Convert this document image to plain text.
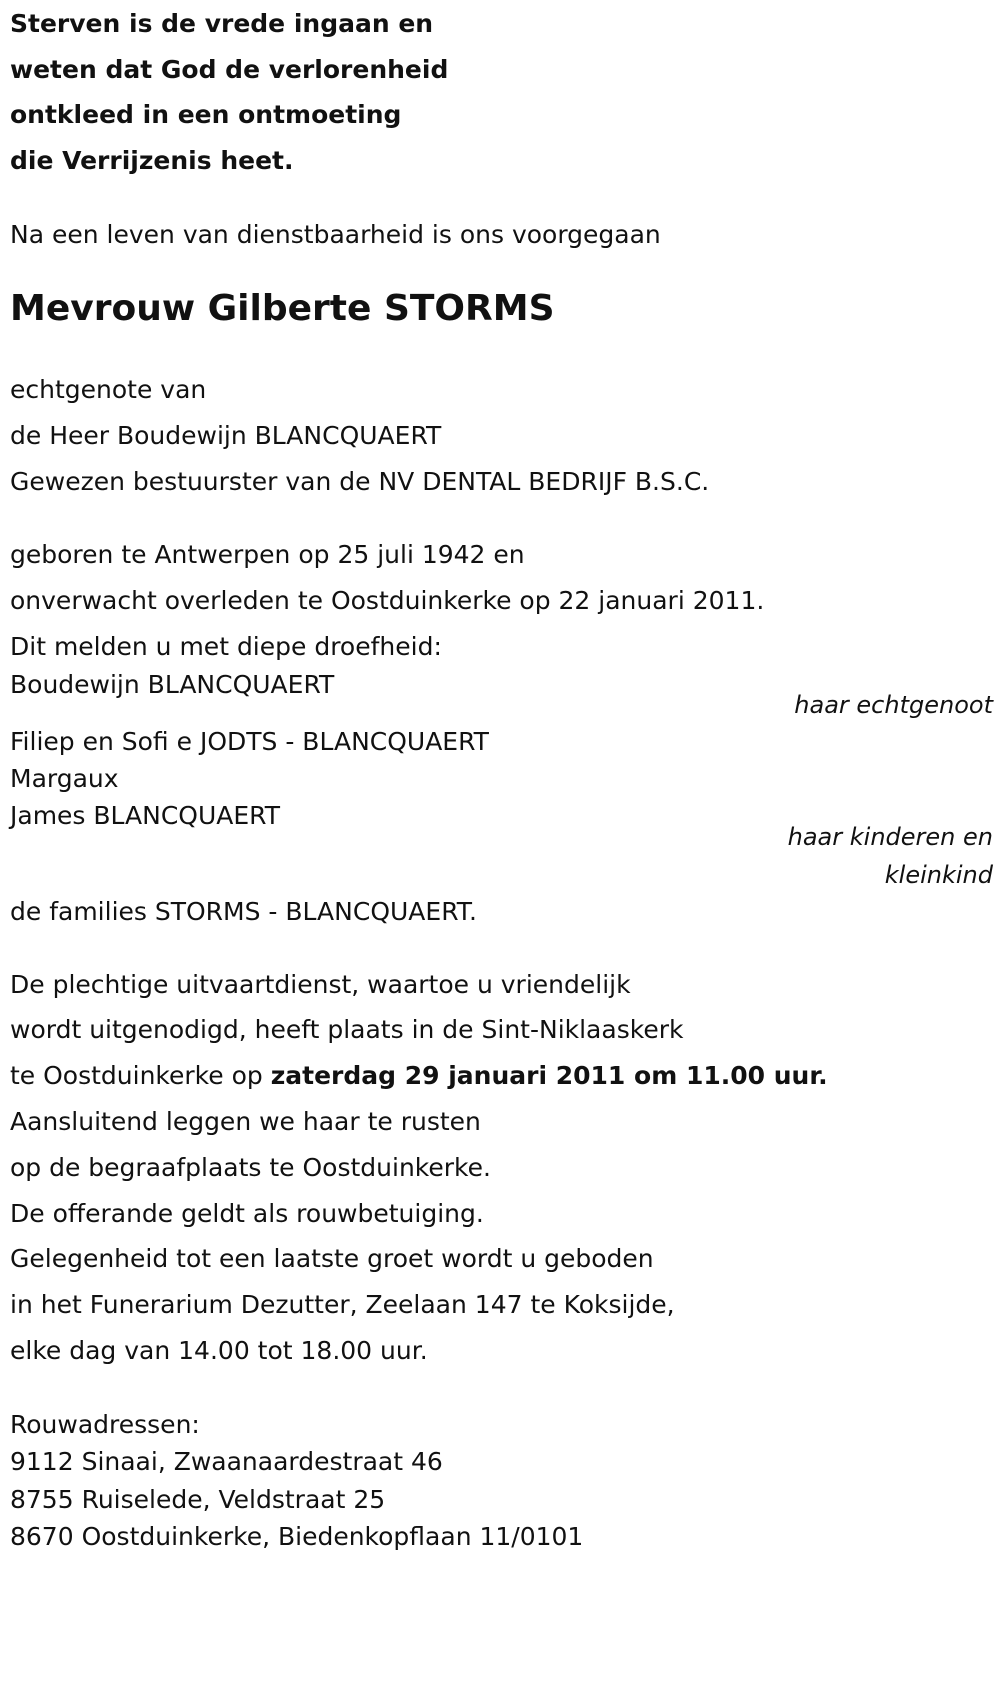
Sterven is de vrede ingaan en
weten dat God de verlorenheid
ontkleed in een ontmoeting
die Verrijzenis heet.
Na een leven van dienstbaarheid is ons voorgegaan
Mevrouw Gilberte STORMS
echtgenote van
de Heer Boudewijn BLANCQUAERT
Gewezen bestuurster van de NV DENTAL BEDRIJF B.S.C.
geboren te Antwerpen op 25 juli 1942 en
onverwacht overleden te Oostduinkerke op 22 januari 2011.
Dit melden u met diepe droefheid:
Boudewijn BLANCQUAERT
haar echtgenoot
Filiep en Sofi e JODTS - BLANCQUAERT
Margaux
James BLANCQUAERT
haar kinderen en
kleinkind
de families STORMS - BLANCQUAERT.
De plechtige uitvaartdienst, waartoe u vriendelijk
wordt uitgenodigd, heeft plaats in de Sint-Niklaaskerk
te Oostduinkerke op zaterdag 29 januari 2011 om 11.00 uur.
Aansluitend leggen we haar te rusten
op de begraafplaats te Oostduinkerke.
De offerande geldt als rouwbetuiging.
Gelegenheid tot een laatste groet wordt u geboden
in het Funerarium Dezutter, Zeelaan 147 te Koksijde,
elke dag van 14.00 tot 18.00 uur.
Rouwadressen:
9112 Sinaai, Zwaanaardestraat 46
8755 Ruiselede, Veldstraat 25
8670 Oostduinkerke, Biedenkopflaan 11/0101
